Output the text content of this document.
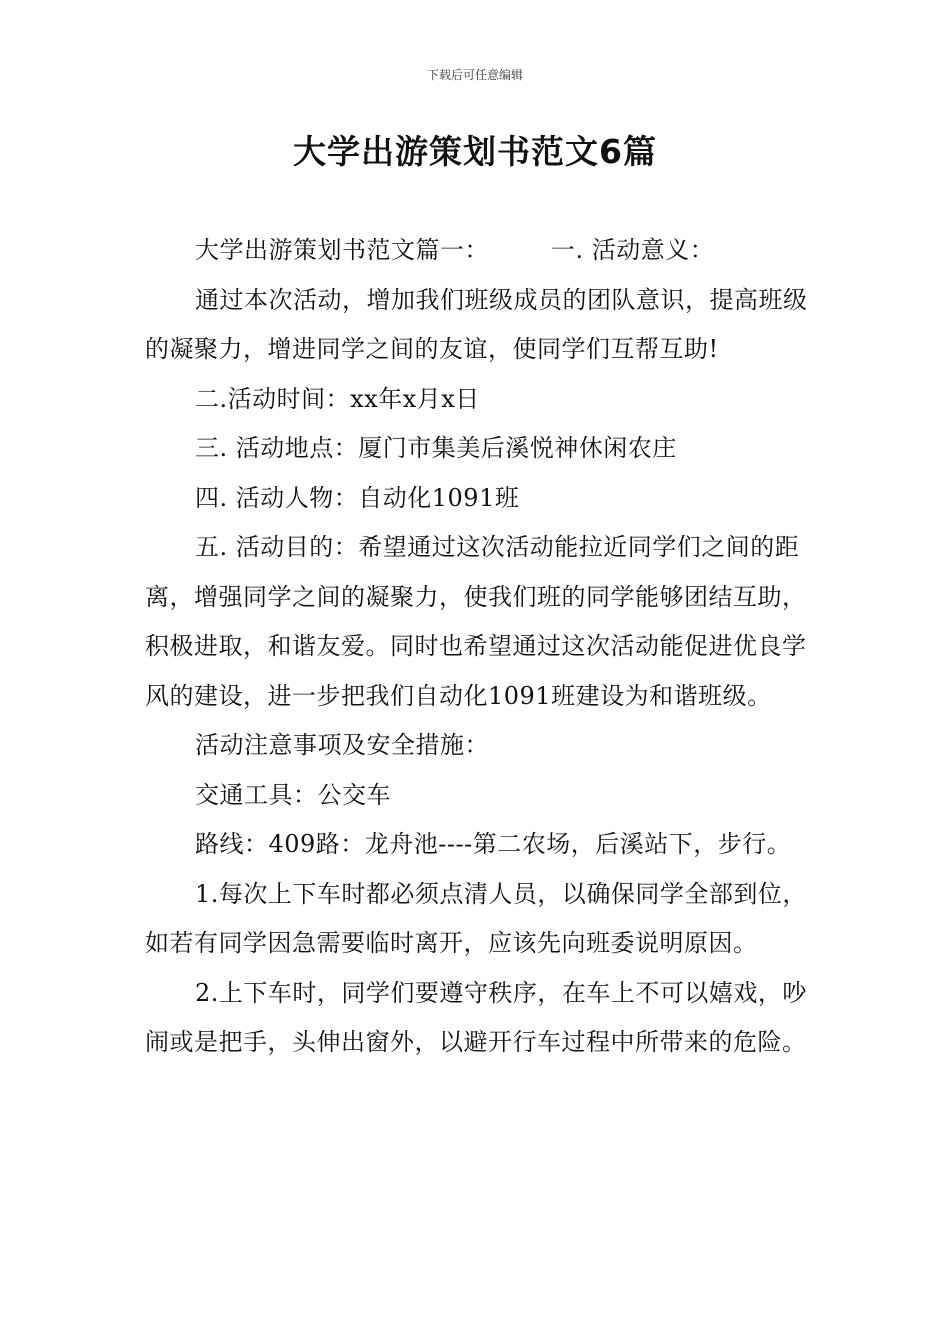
下载后可任意编辑
大学出游策划书范文6篇

大学出游策划书范文篇一：	一. 活动意义：

通过本次活动，增加我们班级成员的团队意识，提高班级的凝聚力，增进同学之间的友谊，使同学们互帮互助!

二.活动时间：xx年x月x日

三. 活动地点：厦门市集美后溪悦神休闲农庄

四. 活动人物：自动化1091班

五. 活动目的：希望通过这次活动能拉近同学们之间的距离，增强同学之间的凝聚力，使我们班的同学能够团结互助，积极进取，和谐友爱。同时也希望通过这次活动能促进优良学风的建设，进一步把我们自动化1091班建设为和谐班级。

活动注意事项及安全措施：

交通工具：公交车

路线：409路：龙舟池----第二农场，后溪站下，步行。

1.每次上下车时都必须点清人员，以确保同学全部到位，如若有同学因急需要临时离开，应该先向班委说明原因。

2.上下车时，同学们要遵守秩序，在车上不可以嬉戏，吵闹或是把手，头伸出窗外，以避开行车过程中所带来的危险。
